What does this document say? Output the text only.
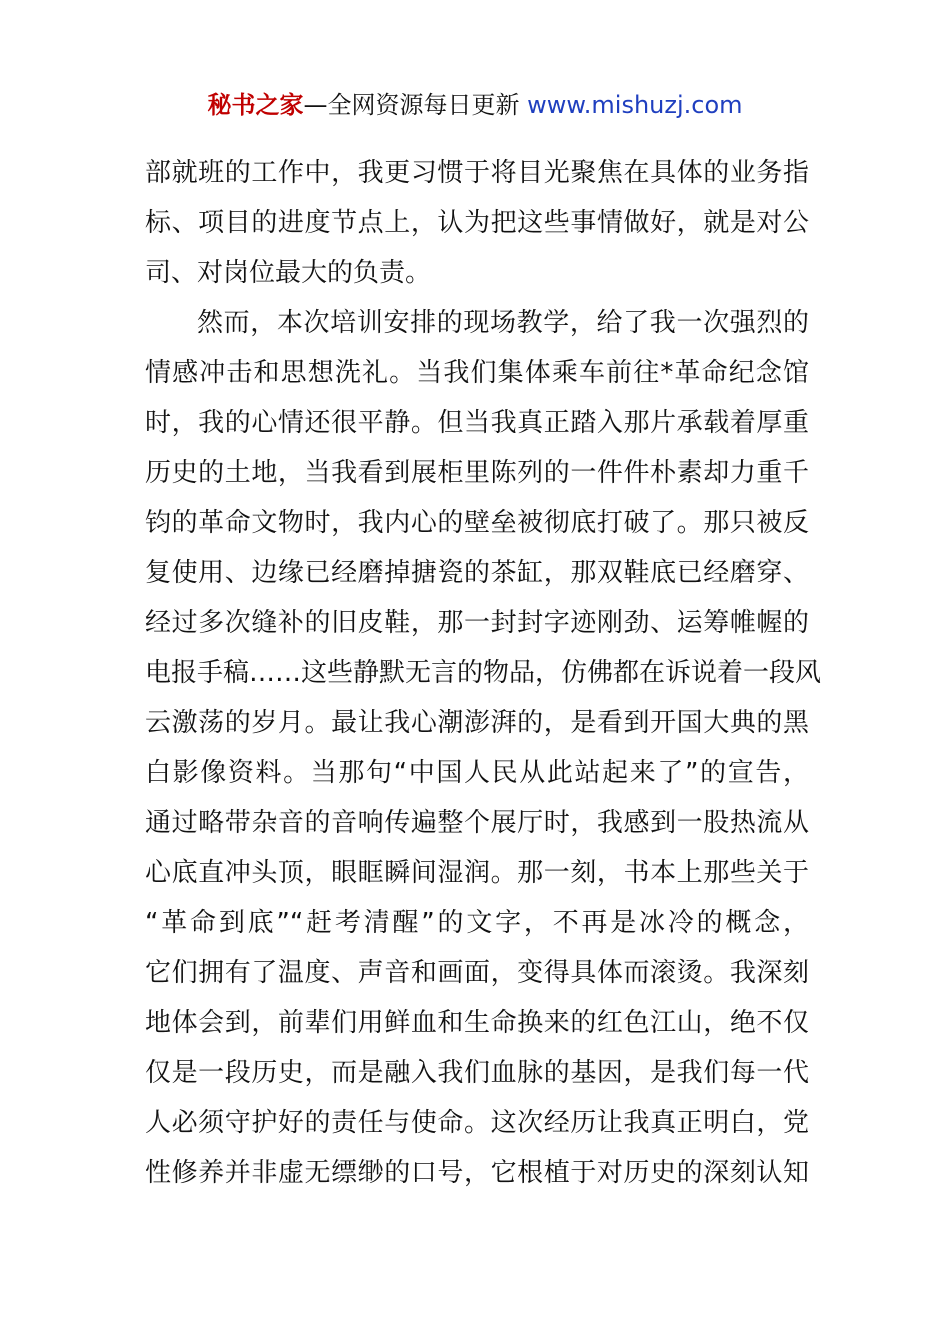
秘书之家—全网资源每日更新 www.mishuzj.com
部就班的工作中，我更习惯于将目光聚焦在具体的业务指
标、项目的进度节点上，认为把这些事情做好，就是对公
司、对岗位最大的负责。
然而，本次培训安排的现场教学，给了我一次强烈的
情感冲击和思想洗礼。当我们集体乘车前往*革命纪念馆
时，我的心情还很平静。但当我真正踏入那片承载着厚重
历史的土地，当我看到展柜里陈列的一件件朴素却力重千
钧的革命文物时，我内心的壁垒被彻底打破了。那只被反
复使用、边缘已经磨掉搪瓷的茶缸，那双鞋底已经磨穿、
经过多次缝补的旧皮鞋，那一封封字迹刚劲、运筹帷幄的
电报手稿……这些静默无言的物品，仿佛都在诉说着一段风
云激荡的岁月。最让我心潮澎湃的，是看到开国大典的黑
白影像资料。当那句“中国人民从此站起来了”的宣告，
通过略带杂音的音响传遍整个展厅时，我感到一股热流从
心底直冲头顶，眼眶瞬间湿润。那一刻，书本上那些关于
“革命到底”“赶考清醒”的文字，不再是冰冷的概念，
它们拥有了温度、声音和画面，变得具体而滚烫。我深刻
地体会到，前辈们用鲜血和生命换来的红色江山，绝不仅
仅是一段历史，而是融入我们血脉的基因，是我们每一代
人必须守护好的责任与使命。这次经历让我真正明白，党
性修养并非虚无缥缈的口号，它根植于对历史的深刻认知
